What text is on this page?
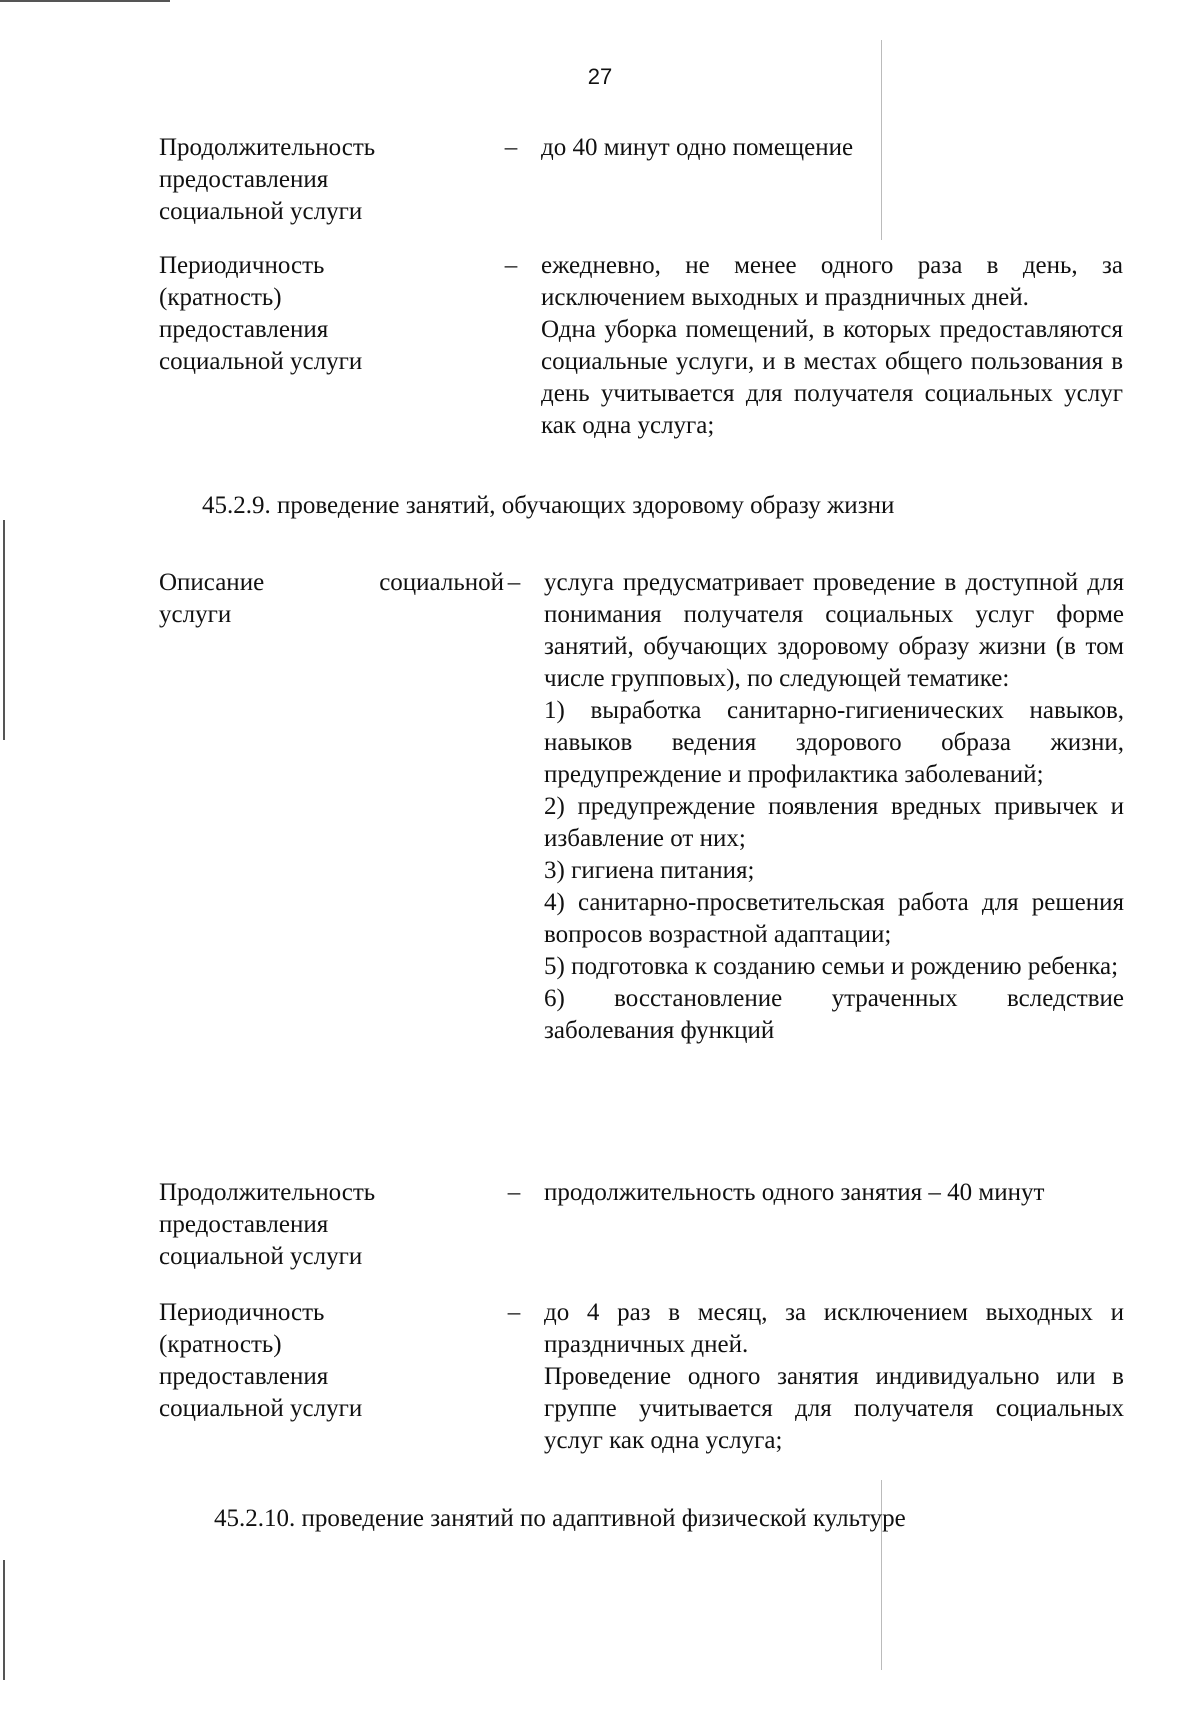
27
Продолжительность
предоставления
социальной услуги
– до 40 минут одно помещение

Периодичность
(кратность)
предоставления
социальной услуги
– ежедневно, не менее одного раза в день, за исключением выходных и праздничных дней.

Одна уборка помещений, в которых предоставляются социальные услуги, и в местах общего пользования в день учитывается для получателя социальных услуг как одна услуга;

45.2.9. проведение занятий, обучающих здоровому образу жизни
Описание социальной
услуги
– услуга предусматривает проведение в доступной для понимания получателя социальных услуг форме занятий, обучающих здоровому образу жизни (в том числе групповых), по следующей тематике:

1) выработка санитарно-гигиенических навыков, навыков ведения здорового образа жизни, предупреждение и профилактика заболеваний;

2) предупреждение появления вредных привычек и избавление от них;

3) гигиена питания;

4) санитарно-просветительская работа для решения вопросов возрастной адаптации;

5) подготовка к созданию семьи и рождению ребенка;

6) восстановление утраченных вследствие заболевания функций

Продолжительность
предоставления
социальной услуги
– продолжительность одного занятия – 40 минут

Периодичность
(кратность)
предоставления
социальной услуги
– до 4 раз в месяц, за исключением выходных и праздничных дней.

Проведение одного занятия индивидуально или в группе учитывается для получателя социальных услуг как одна услуга;

45.2.10. проведение занятий по адаптивной физической культуре
